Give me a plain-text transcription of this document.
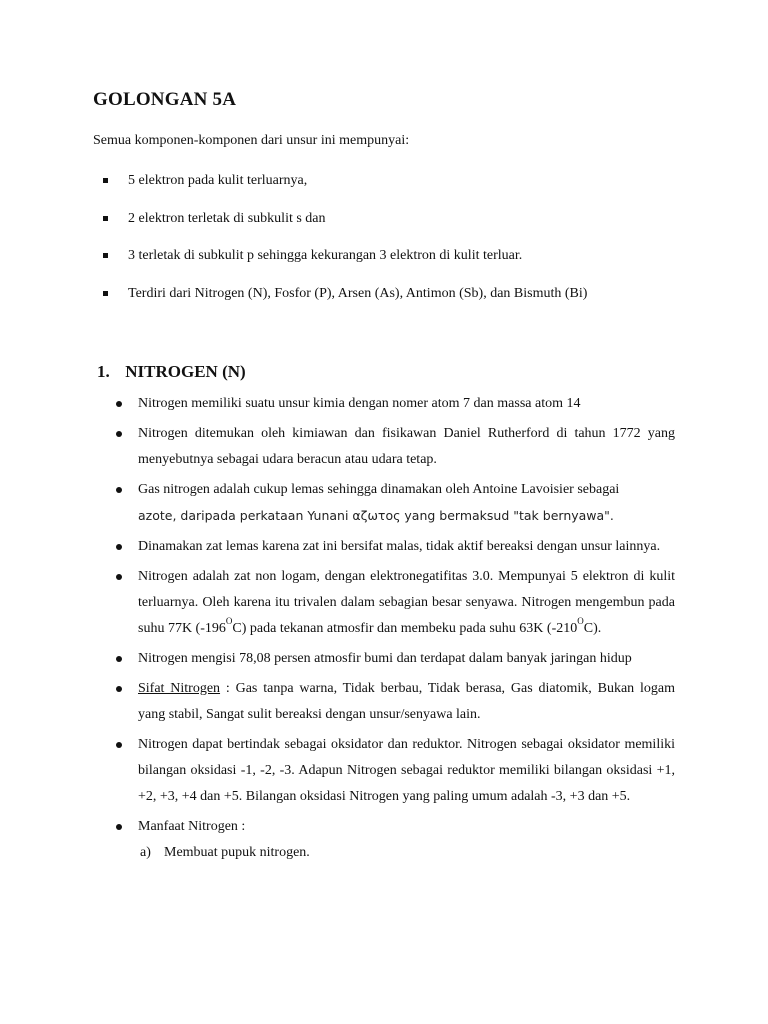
GOLONGAN 5A
Semua komponen-komponen dari unsur ini mempunyai:
5 elektron pada kulit terluarnya,
2 elektron terletak di subkulit s dan
3 terletak di subkulit p sehingga kekurangan 3 elektron di kulit terluar.
Terdiri dari Nitrogen (N), Fosfor (P), Arsen (As), Antimon (Sb), dan Bismuth (Bi)
1. NITROGEN (N)
Nitrogen memiliki suatu unsur kimia dengan nomer atom 7 dan massa atom 14
Nitrogen ditemukan oleh kimiawan dan fisikawan Daniel Rutherford di tahun 1772 yang menyebutnya sebagai udara beracun atau udara tetap.
Gas nitrogen adalah cukup lemas sehingga dinamakan oleh Antoine Lavoisier sebagai
azote, daripada perkataan Yunani αζωτος yang bermaksud "tak bernyawa".
Dinamakan zat lemas karena zat ini bersifat malas, tidak aktif bereaksi dengan unsur lainnya.
Nitrogen adalah zat non logam, dengan elektronegatifitas 3.0. Mempunyai 5 elektron di kulit terluarnya. Oleh karena itu trivalen dalam sebagian besar senyawa. Nitrogen mengembun pada suhu 77K $(-196^OC)$ pada tekanan atmosfir dan membeku pada suhu 63K $(-210^OC)$.
Nitrogen mengisi 78,08 persen atmosfir bumi dan terdapat dalam banyak jaringan hidup
Sifat Nitrogen : Gas tanpa warna, Tidak berbau, Tidak berasa, Gas diatomik, Bukan logam yang stabil, Sangat sulit bereaksi dengan unsur/senyawa lain.
Nitrogen dapat bertindak sebagai oksidator dan reduktor. Nitrogen sebagai oksidator memiliki bilangan oksidasi -1, -2, -3. Adapun Nitrogen sebagai reduktor memiliki bilangan oksidasi +1, +2, +3, +4 dan +5. Bilangan oksidasi Nitrogen yang paling umum adalah -3, +3 dan +5.
Manfaat Nitrogen :
a) Membuat pupuk nitrogen.
